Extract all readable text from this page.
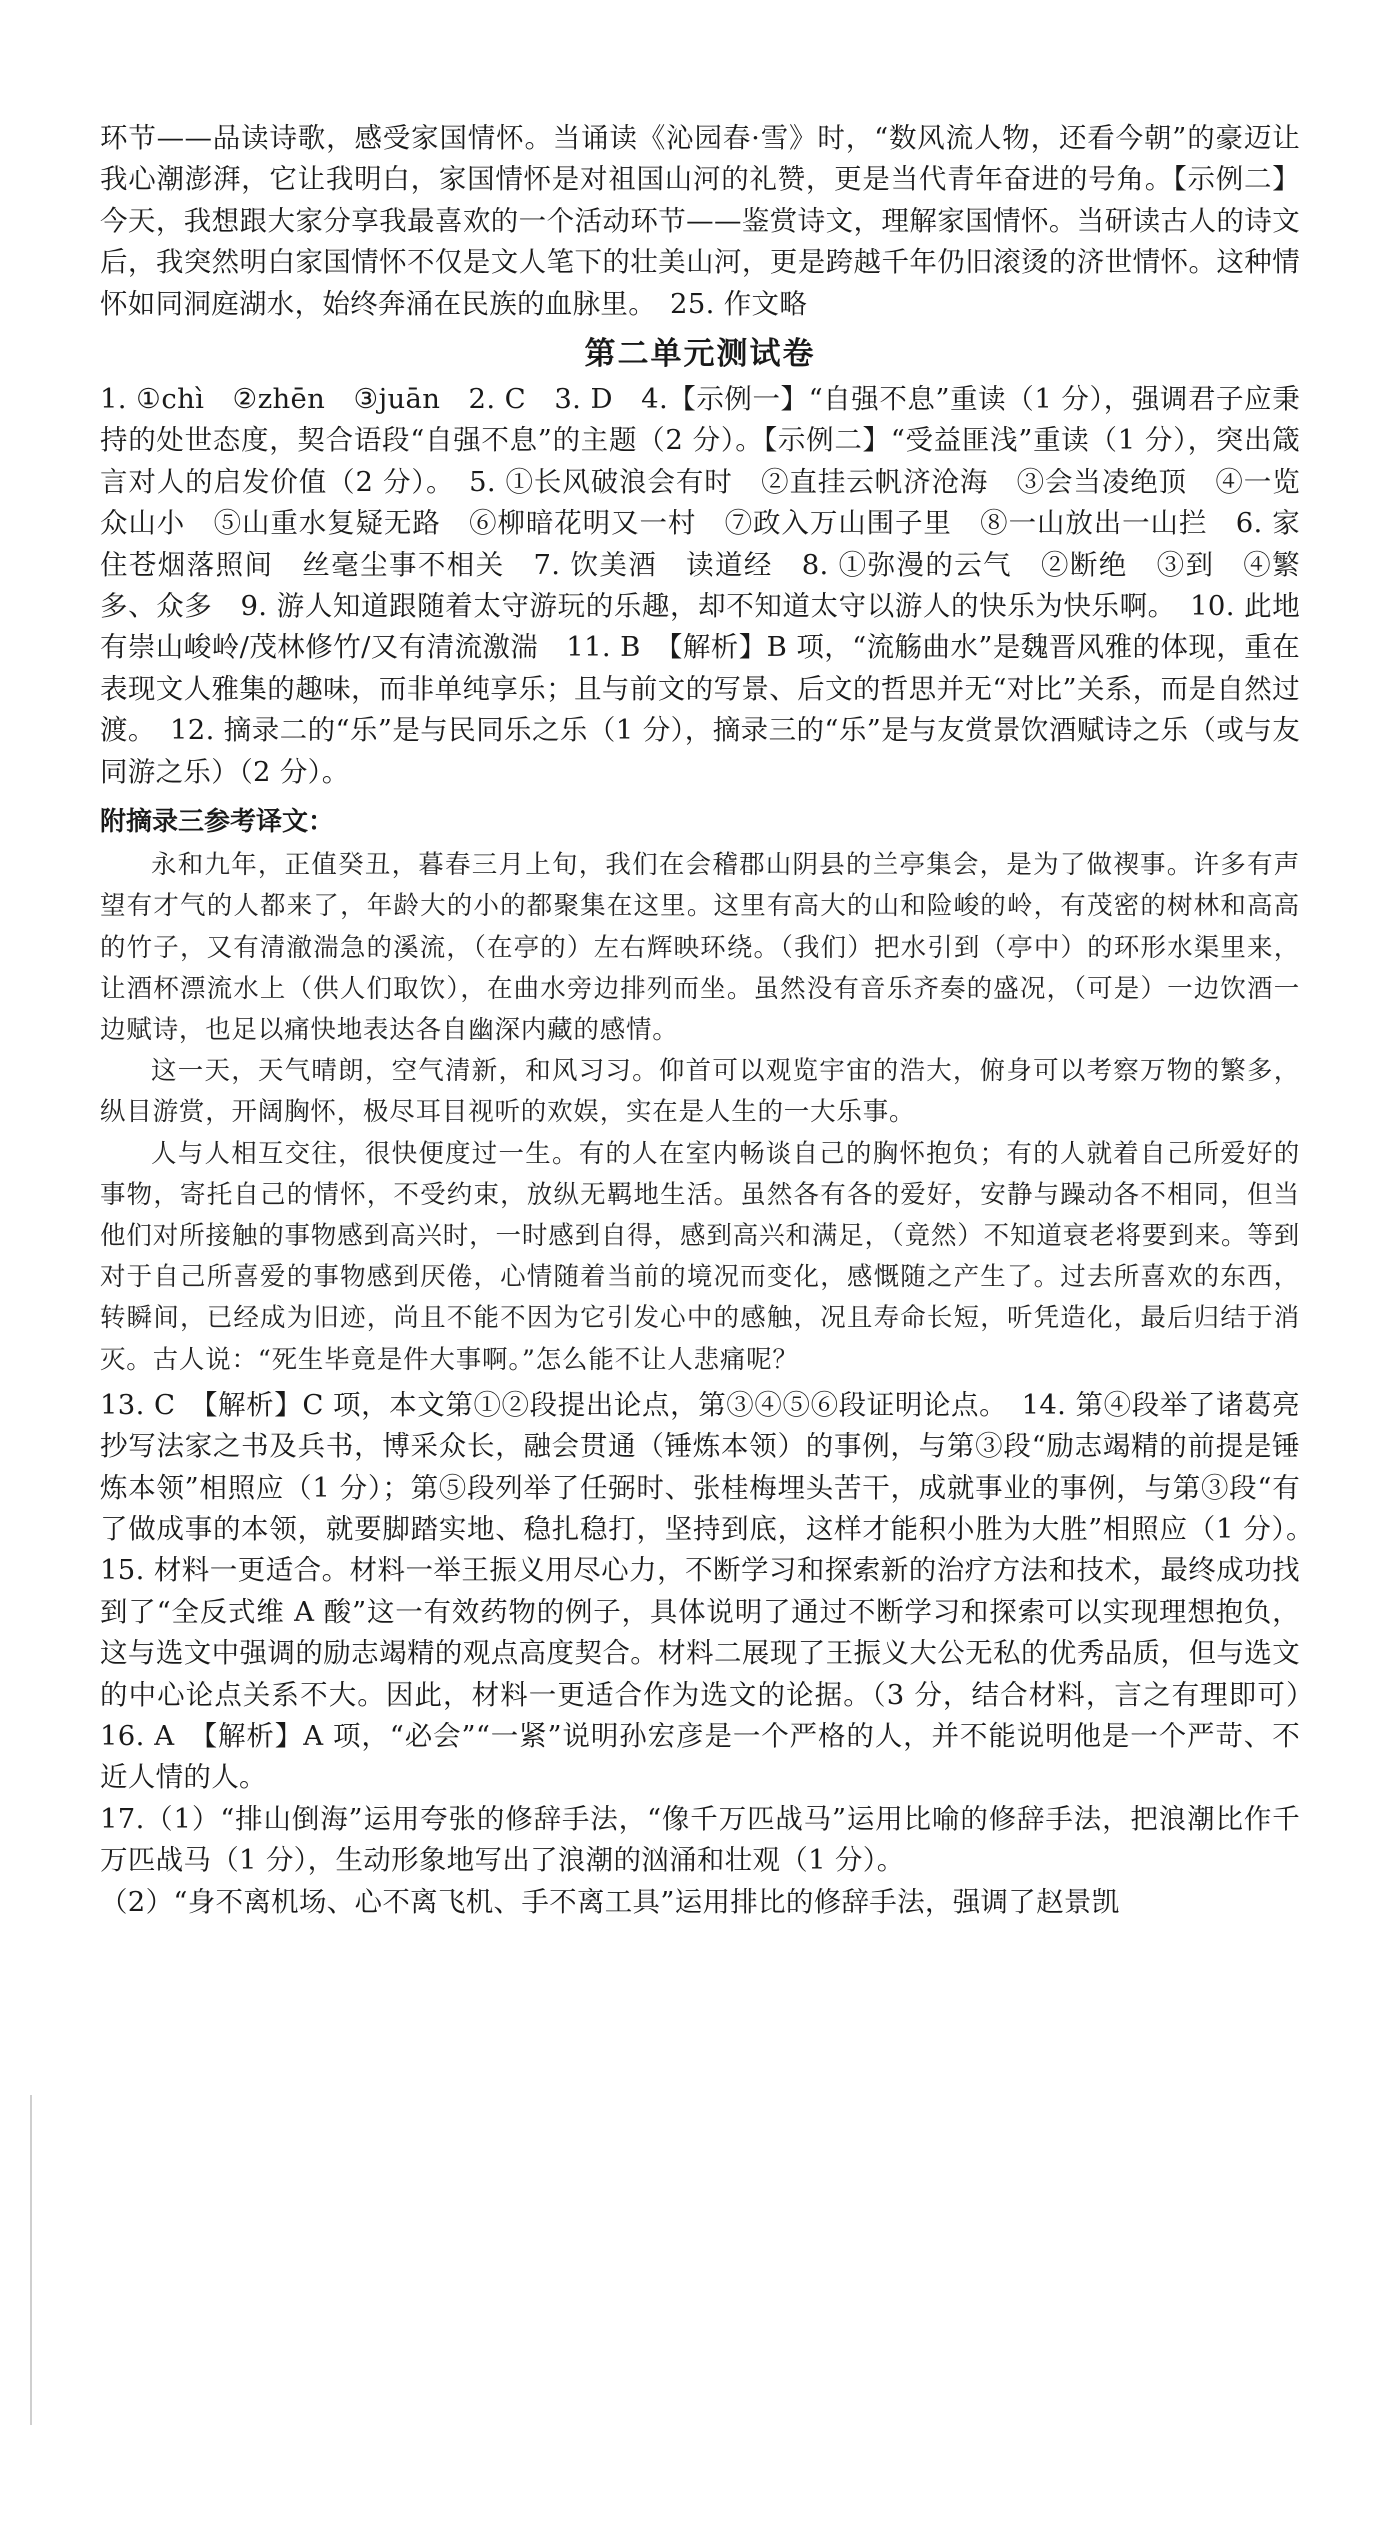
环节——品读诗歌，感受家国情怀。当诵读《沁园春·雪》时，“数风流人物，还看今朝”的豪迈让我心潮澎湃，它让我明白，家国情怀是对祖国山河的礼赞，更是当代青年奋进的号角。【示例二】今天，我想跟大家分享我最喜欢的一个活动环节——鉴赏诗文，理解家国情怀。当研读古人的诗文后，我突然明白家国情怀不仅是文人笔下的壮美山河，更是跨越千年仍旧滚烫的济世情怀。这种情怀如同洞庭湖水，始终奔涌在民族的血脉里。　25. 作文略

第二单元测试卷

1. ①chì　②zhēn　③juān　2. C　3. D　4.【示例一】“自强不息”重读（1 分），强调君子应秉持的处世态度，契合语段“自强不息”的主题（2 分）。【示例二】“受益匪浅”重读（1 分），突出箴言对人的启发价值（2 分）。　5. ①长风破浪会有时　②直挂云帆济沧海　③会当凌绝顶　④一览众山小　⑤山重水复疑无路　⑥柳暗花明又一村　⑦政入万山围子里　⑧一山放出一山拦　6. 家住苍烟落照间　丝毫尘事不相关　7. 饮美酒　读道经　8. ①弥漫的云气　②断绝　③到　④繁多、众多　9. 游人知道跟随着太守游玩的乐趣，却不知道太守以游人的快乐为快乐啊。　10. 此地有崇山峻岭/茂林修竹/又有清流激湍　11. B　【解析】B 项，“流觞曲水”是魏晋风雅的体现，重在表现文人雅集的趣味，而非单纯享乐；且与前文的写景、后文的哲思并无“对比”关系，而是自然过渡。　12. 摘录二的“乐”是与民同乐之乐（1 分），摘录三的“乐”是与友赏景饮酒赋诗之乐（或与友同游之乐）（2 分）。

附摘录三参考译文：

永和九年，正值癸丑，暮春三月上旬，我们在会稽郡山阴县的兰亭集会，是为了做禊事。许多有声望有才气的人都来了，年龄大的小的都聚集在这里。这里有高大的山和险峻的岭，有茂密的树林和高高的竹子，又有清澈湍急的溪流，（在亭的）左右辉映环绕。（我们）把水引到（亭中）的环形水渠里来，让酒杯漂流水上（供人们取饮），在曲水旁边排列而坐。虽然没有音乐齐奏的盛况，（可是）一边饮酒一边赋诗，也足以痛快地表达各自幽深内藏的感情。

这一天，天气晴朗，空气清新，和风习习。仰首可以观览宇宙的浩大，俯身可以考察万物的繁多，纵目游赏，开阔胸怀，极尽耳目视听的欢娱，实在是人生的一大乐事。

人与人相互交往，很快便度过一生。有的人在室内畅谈自己的胸怀抱负；有的人就着自己所爱好的事物，寄托自己的情怀，不受约束，放纵无羁地生活。虽然各有各的爱好，安静与躁动各不相同，但当他们对所接触的事物感到高兴时，一时感到自得，感到高兴和满足，（竟然）不知道衰老将要到来。等到对于自己所喜爱的事物感到厌倦，心情随着当前的境况而变化，感慨随之产生了。过去所喜欢的东西，转瞬间，已经成为旧迹，尚且不能不因为它引发心中的感触，况且寿命长短，听凭造化，最后归结于消灭。古人说：“死生毕竟是件大事啊。”怎么能不让人悲痛呢？

13. C　【解析】C 项，本文第①②段提出论点，第③④⑤⑥段证明论点。　14. 第④段举了诸葛亮抄写法家之书及兵书，博采众长，融会贯通（锤炼本领）的事例，与第③段“励志竭精的前提是锤炼本领”相照应（1 分）；第⑤段列举了任弼时、张桂梅埋头苦干，成就事业的事例，与第③段“有了做成事的本领，就要脚踏实地、稳扎稳打，坚持到底，这样才能积小胜为大胜”相照应（1 分）。　15. 材料一更适合。材料一举王振义用尽心力，不断学习和探索新的治疗方法和技术，最终成功找到了“全反式维 A 酸”这一有效药物的例子，具体说明了通过不断学习和探索可以实现理想抱负，这与选文中强调的励志竭精的观点高度契合。材料二展现了王振义大公无私的优秀品质，但与选文的中心论点关系不大。因此，材料一更适合作为选文的论据。（3 分，结合材料，言之有理即可）　16. A　【解析】A 项，“必会”“一紧”说明孙宏彦是一个严格的人，并不能说明他是一个严苛、不近人情的人。

17.（1）“排山倒海”运用夸张的修辞手法，“像千万匹战马”运用比喻的修辞手法，把浪潮比作千万匹战马（1 分），生动形象地写出了浪潮的汹涌和壮观（1 分）。

（2）“身不离机场、心不离飞机、手不离工具”运用排比的修辞手法，强调了赵景凯
